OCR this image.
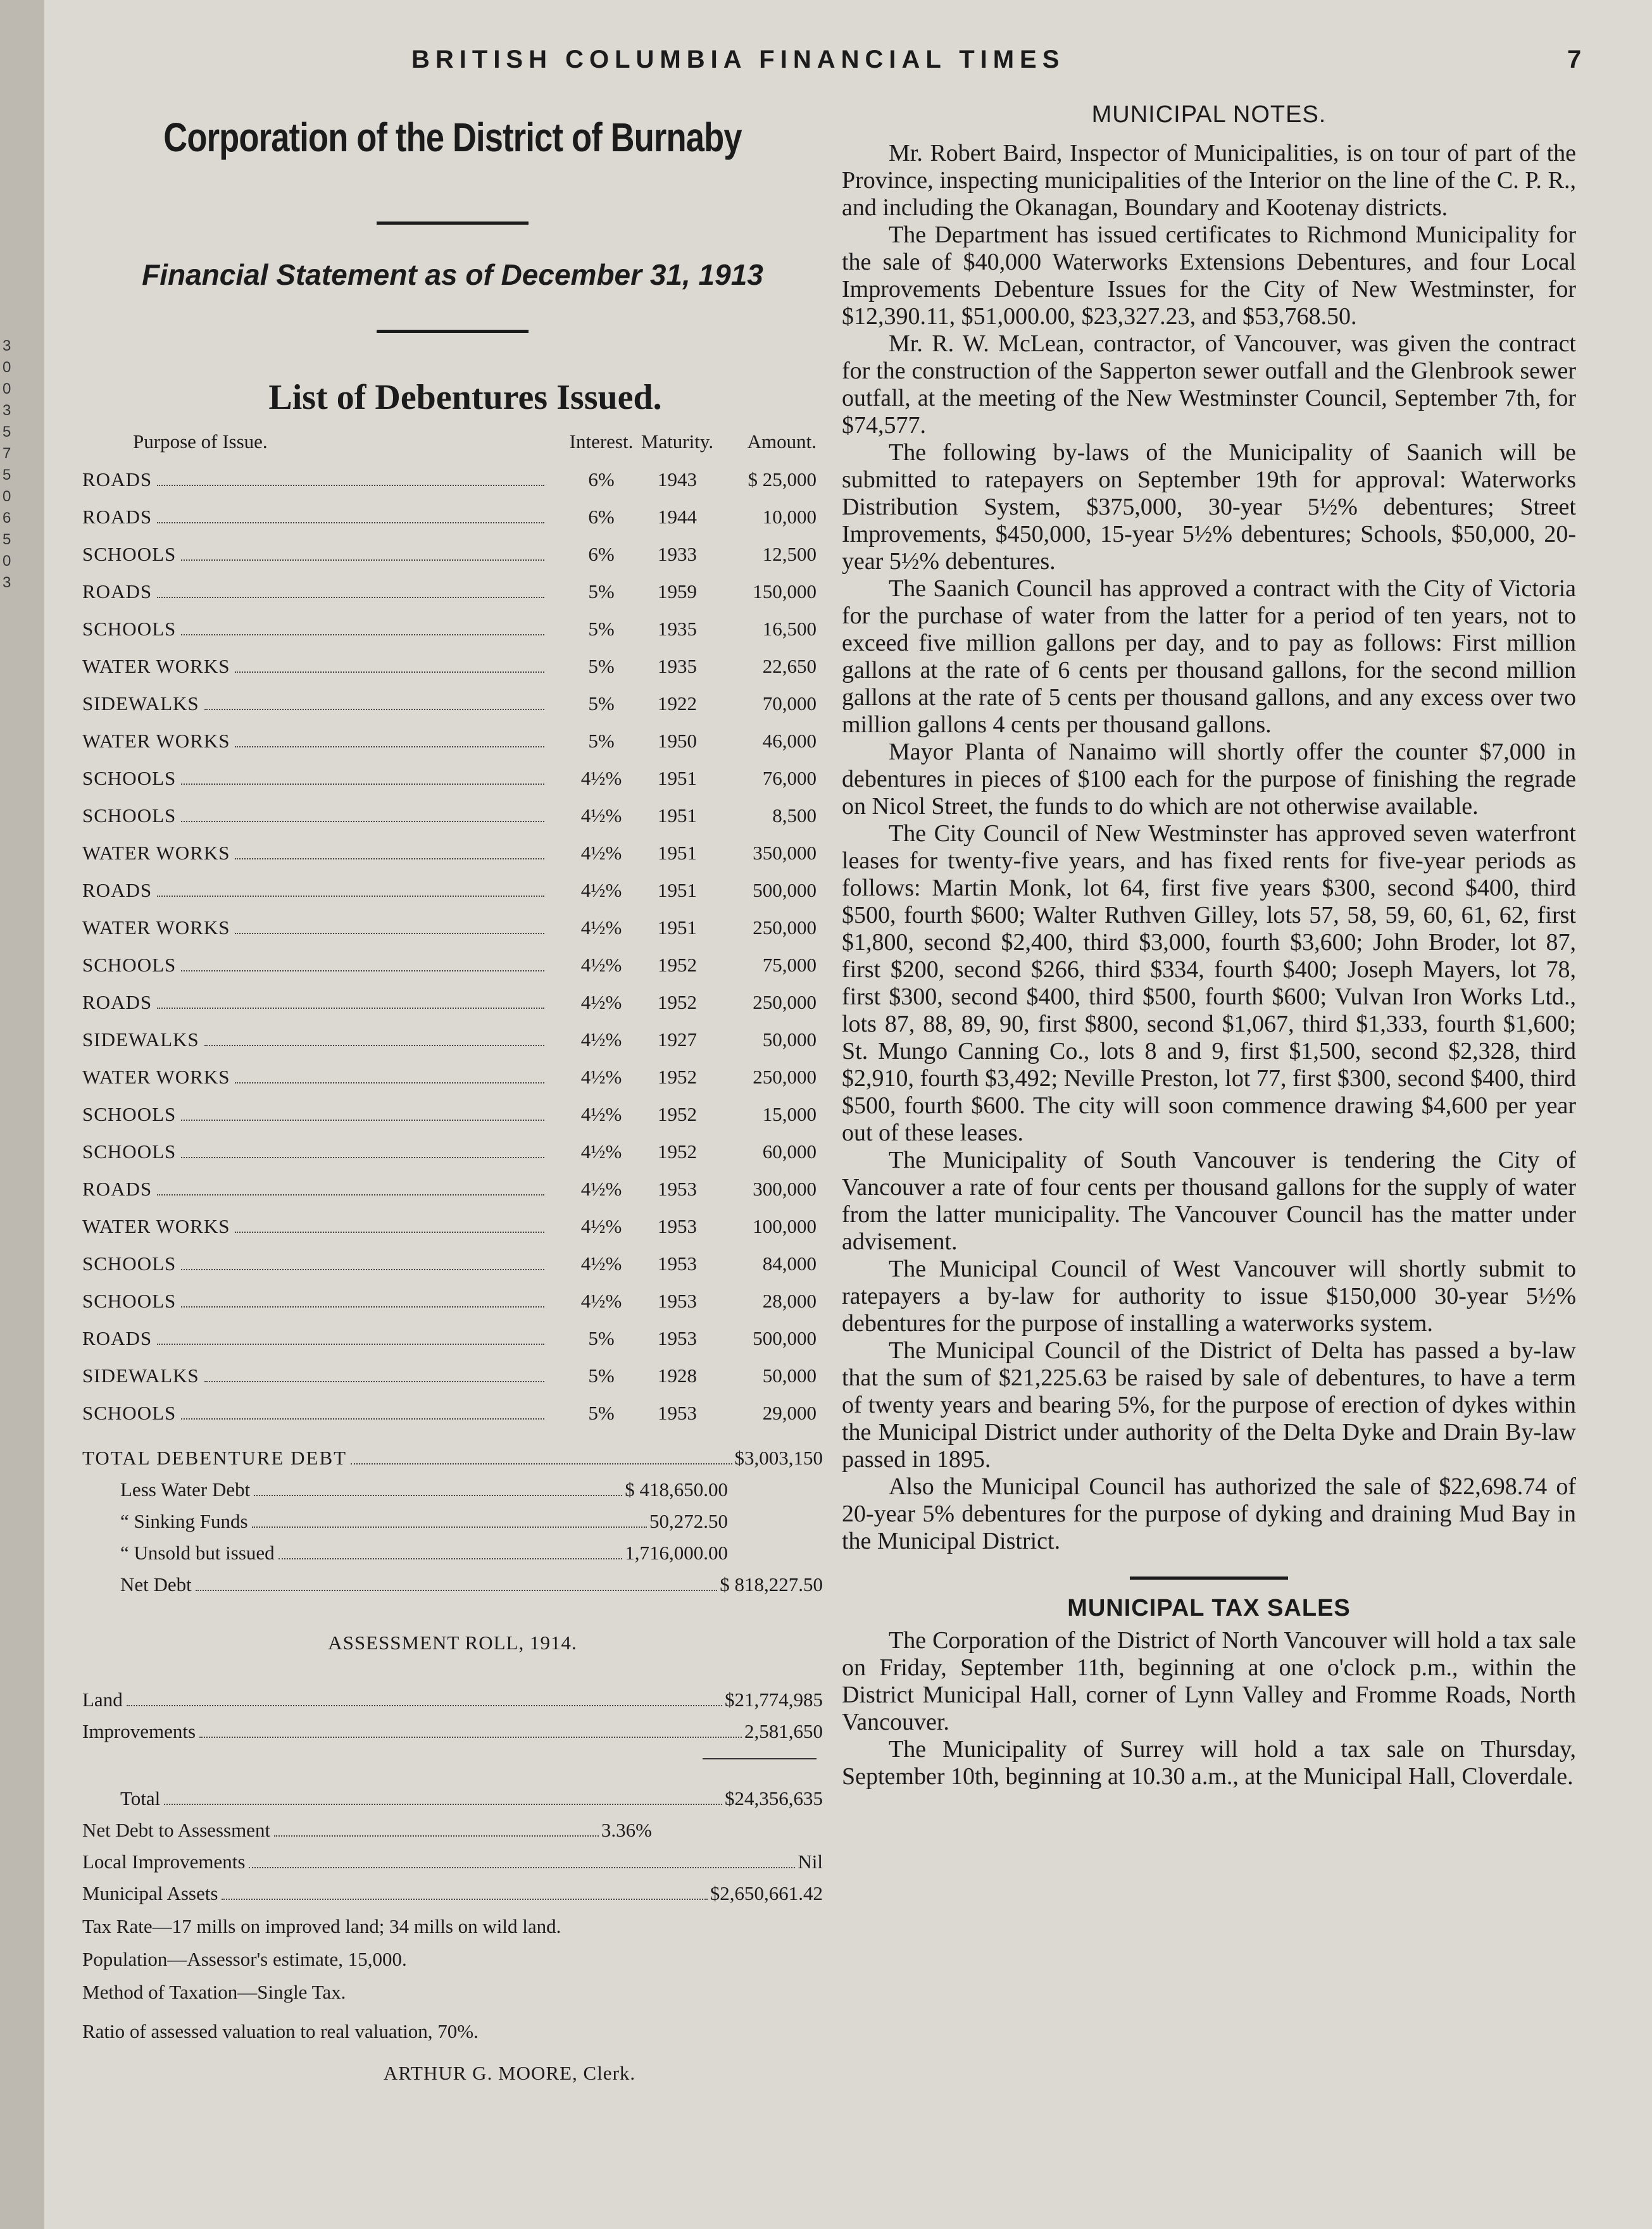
3
0
0
3
5
7
5
0
6
5
0
3
BRITISH COLUMBIA FINANCIAL TIMES	7
Corporation of the District of Burnaby
Financial Statement as of December 31, 1913
List of Debentures Issued.
Purpose of Issue.	Interest.	Maturity.	Amount.

ROADS	6%	1943	$ 25,000

ROADS	6%	1944	10,000

SCHOOLS	6%	1933	12,500

ROADS	5%	1959	150,000

SCHOOLS	5%	1935	16,500

WATER WORKS	5%	1935	22,650

SIDEWALKS	5%	1922	70,000

WATER WORKS	5%	1950	46,000

SCHOOLS	4½%	1951	76,000

SCHOOLS	4½%	1951	8,500

WATER WORKS	4½%	1951	350,000

ROADS	4½%	1951	500,000

WATER WORKS	4½%	1951	250,000

SCHOOLS	4½%	1952	75,000

ROADS	4½%	1952	250,000

SIDEWALKS	4½%	1927	50,000

WATER WORKS	4½%	1952	250,000

SCHOOLS	4½%	1952	15,000

SCHOOLS	4½%	1952	60,000

ROADS	4½%	1953	300,000

WATER WORKS	4½%	1953	100,000

SCHOOLS	4½%	1953	84,000

SCHOOLS	4½%	1953	28,000

ROADS	5%	1953	500,000

SIDEWALKS	5%	1928	50,000

SCHOOLS	5%	1953	29,000
TOTAL DEBENTURE DEBT	$3,003,150
Less Water Debt	$ 418,650.00
“ Sinking Funds	50,272.50
“ Unsold but issued	1,716,000.00
Net Debt	$ 818,227.50
ASSESSMENT ROLL, 1914.
Land	$21,774,985
Improvements	2,581,650
Total	$24,356,635
Net Debt to Assessment	3.36%
Local Improvements	Nil
Municipal Assets	$2,650,661.42
Tax Rate—17 mills on improved land; 34 mills on wild land.
Population—Assessor's estimate, 15,000.
Method of Taxation—Single Tax.
Ratio of assessed valuation to real valuation, 70%.
ARTHUR G. MOORE, Clerk.
MUNICIPAL NOTES.

Mr. Robert Baird, Inspector of Municipalities, is on tour of part of the Province, inspecting municipalities of the Interior on the line of the C. P. R., and including the Okanagan, Boundary and Kootenay districts.

The Department has issued certificates to Richmond Municipality for the sale of $40,000 Waterworks Extensions Debentures, and four Local Improvements Debenture Issues for the City of New Westminster, for $12,390.11, $51,000.00, $23,327.23, and $53,768.50.

Mr. R. W. McLean, contractor, of Vancouver, was given the contract for the construction of the Sapperton sewer outfall and the Glenbrook sewer outfall, at the meeting of the New Westminster Council, September 7th, for $74,577.

The following by-laws of the Municipality of Saanich will be submitted to ratepayers on September 19th for approval: Waterworks Distribution System, $375,000, 30-year 5½% debentures; Street Improvements, $450,000, 15-year 5½% debentures; Schools, $50,000, 20-year 5½% debentures.

The Saanich Council has approved a contract with the City of Victoria for the purchase of water from the latter for a period of ten years, not to exceed five million gallons per day, and to pay as follows: First million gallons at the rate of 6 cents per thousand gallons, for the second million gallons at the rate of 5 cents per thousand gallons, and any excess over two million gallons 4 cents per thousand gallons.

Mayor Planta of Nanaimo will shortly offer the counter $7,000 in debentures in pieces of $100 each for the purpose of finishing the regrade on Nicol Street, the funds to do which are not otherwise available.

The City Council of New Westminster has approved seven waterfront leases for twenty-five years, and has fixed rents for five-year periods as follows: Martin Monk, lot 64, first five years $300, second $400, third $500, fourth $600; Walter Ruthven Gilley, lots 57, 58, 59, 60, 61, 62, first $1,800, second $2,400, third $3,000, fourth $3,600; John Broder, lot 87, first $200, second $266, third $334, fourth $400; Joseph Mayers, lot 78, first $300, second $400, third $500, fourth $600; Vulvan Iron Works Ltd., lots 87, 88, 89, 90, first $800, second $1,067, third $1,333, fourth $1,600; St. Mungo Canning Co., lots 8 and 9, first $1,500, second $2,328, third $2,910, fourth $3,492; Neville Preston, lot 77, first $300, second $400, third $500, fourth $600. The city will soon commence drawing $4,600 per year out of these leases.

The Municipality of South Vancouver is tendering the City of Vancouver a rate of four cents per thousand gallons for the supply of water from the latter municipality. The Vancouver Council has the matter under advisement.

The Municipal Council of West Vancouver will shortly submit to ratepayers a by-law for authority to issue $150,000 30-year 5½% debentures for the purpose of installing a waterworks system.

The Municipal Council of the District of Delta has passed a by-law that the sum of $21,225.63 be raised by sale of debentures, to have a term of twenty years and bearing 5%, for the purpose of erection of dykes within the Municipal District under authority of the Delta Dyke and Drain By-law passed in 1895.

Also the Municipal Council has authorized the sale of $22,698.74 of 20-year 5% debentures for the purpose of dyking and draining Mud Bay in the Municipal District.

MUNICIPAL TAX SALES

The Corporation of the District of North Vancouver will hold a tax sale on Friday, September 11th, beginning at one o'clock p.m., within the District Municipal Hall, corner of Lynn Valley and Fromme Roads, North Vancouver.

The Municipality of Surrey will hold a tax sale on Thursday, September 10th, beginning at 10.30 a.m., at the Municipal Hall, Cloverdale.
